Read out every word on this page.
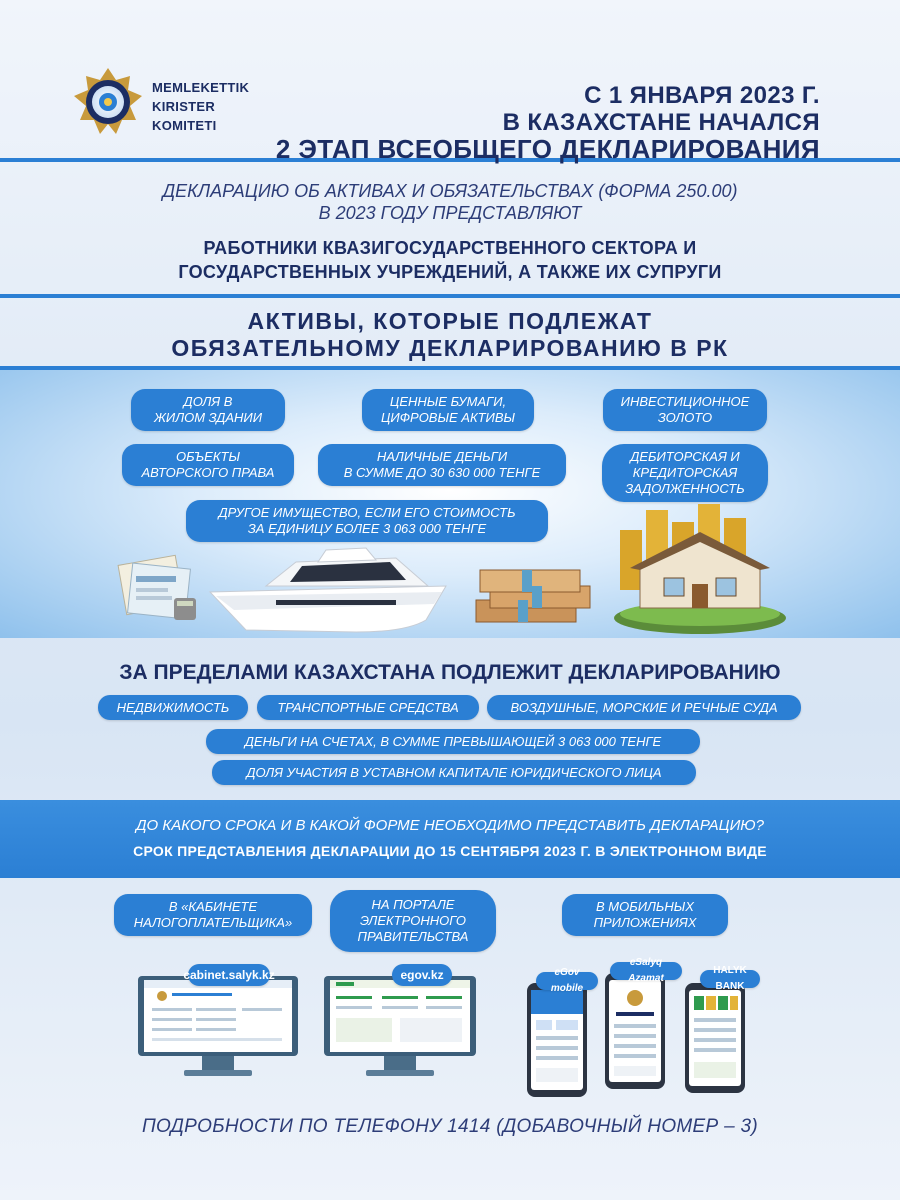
MEMLEKETTIK
KIRISTER
KOMITETI
С 1 ЯНВАРЯ 2023 Г.
В КАЗАХСТАНЕ НАЧАЛСЯ
2 ЭТАП ВСЕОБЩЕГО ДЕКЛАРИРОВАНИЯ
ДЕКЛАРАЦИЮ ОБ АКТИВАХ И ОБЯЗАТЕЛЬСТВАХ (ФОРМА 250.00)
В 2023 ГОДУ ПРЕДСТАВЛЯЮТ
РАБОТНИКИ КВАЗИГОСУДАРСТВЕННОГО СЕКТОРА И
ГОСУДАРСТВЕННЫХ УЧРЕЖДЕНИЙ, А ТАКЖЕ ИХ СУПРУГИ
АКТИВЫ, КОТОРЫЕ ПОДЛЕЖАТ
ОБЯЗАТЕЛЬНОМУ ДЕКЛАРИРОВАНИЮ В РК
ДОЛЯ В
ЖИЛОМ ЗДАНИИ
ЦЕННЫЕ БУМАГИ,
ЦИФРОВЫЕ АКТИВЫ
ИНВЕСТИЦИОННОЕ
ЗОЛОТО
ОБЪЕКТЫ
АВТОРСКОГО ПРАВА
НАЛИЧНЫЕ ДЕНЬГИ
В СУММЕ ДО 30 630 000 ТЕНГЕ
ДЕБИТОРСКАЯ И
КРЕДИТОРСКАЯ
ЗАДОЛЖЕННОСТЬ
ДРУГОЕ ИМУЩЕСТВО, ЕСЛИ ЕГО СТОИМОСТЬ
ЗА ЕДИНИЦУ БОЛЕЕ 3 063 000 ТЕНГЕ
ЗА ПРЕДЕЛАМИ КАЗАХСТАНА ПОДЛЕЖИТ ДЕКЛАРИРОВАНИЮ
НЕДВИЖИМОСТЬ	ТРАНСПОРТНЫЕ СРЕДСТВА	ВОЗДУШНЫЕ, МОРСКИЕ И РЕЧНЫЕ СУДА
ДЕНЬГИ НА СЧЕТАХ, В СУММЕ ПРЕВЫШАЮЩЕЙ 3 063 000 ТЕНГЕ
ДОЛЯ УЧАСТИЯ В УСТАВНОМ КАПИТАЛЕ ЮРИДИЧЕСКОГО ЛИЦА
ДО КАКОГО СРОКА И В КАКОЙ ФОРМЕ НЕОБХОДИМО ПРЕДСТАВИТЬ ДЕКЛАРАЦИЮ?
СРОК ПРЕДСТАВЛЕНИЯ ДЕКЛАРАЦИИ ДО 15 СЕНТЯБРЯ 2023 Г. В ЭЛЕКТРОННОМ ВИДЕ
В «КАБИНЕТЕ
НАЛОГОПЛАТЕЛЬЩИКА»
НА ПОРТАЛЕ
ЭЛЕКТРОННОГО
ПРАВИТЕЛЬСТВА
В МОБИЛЬНЫХ
ПРИЛОЖЕНИЯХ
cabinet.salyk.kz	egov.kz	eGov mobile
eSalyq Azamat
HALYK BANK
ПОДРОБНОСТИ ПО ТЕЛЕФОНУ 1414 (ДОБАВОЧНЫЙ НОМЕР – 3)
